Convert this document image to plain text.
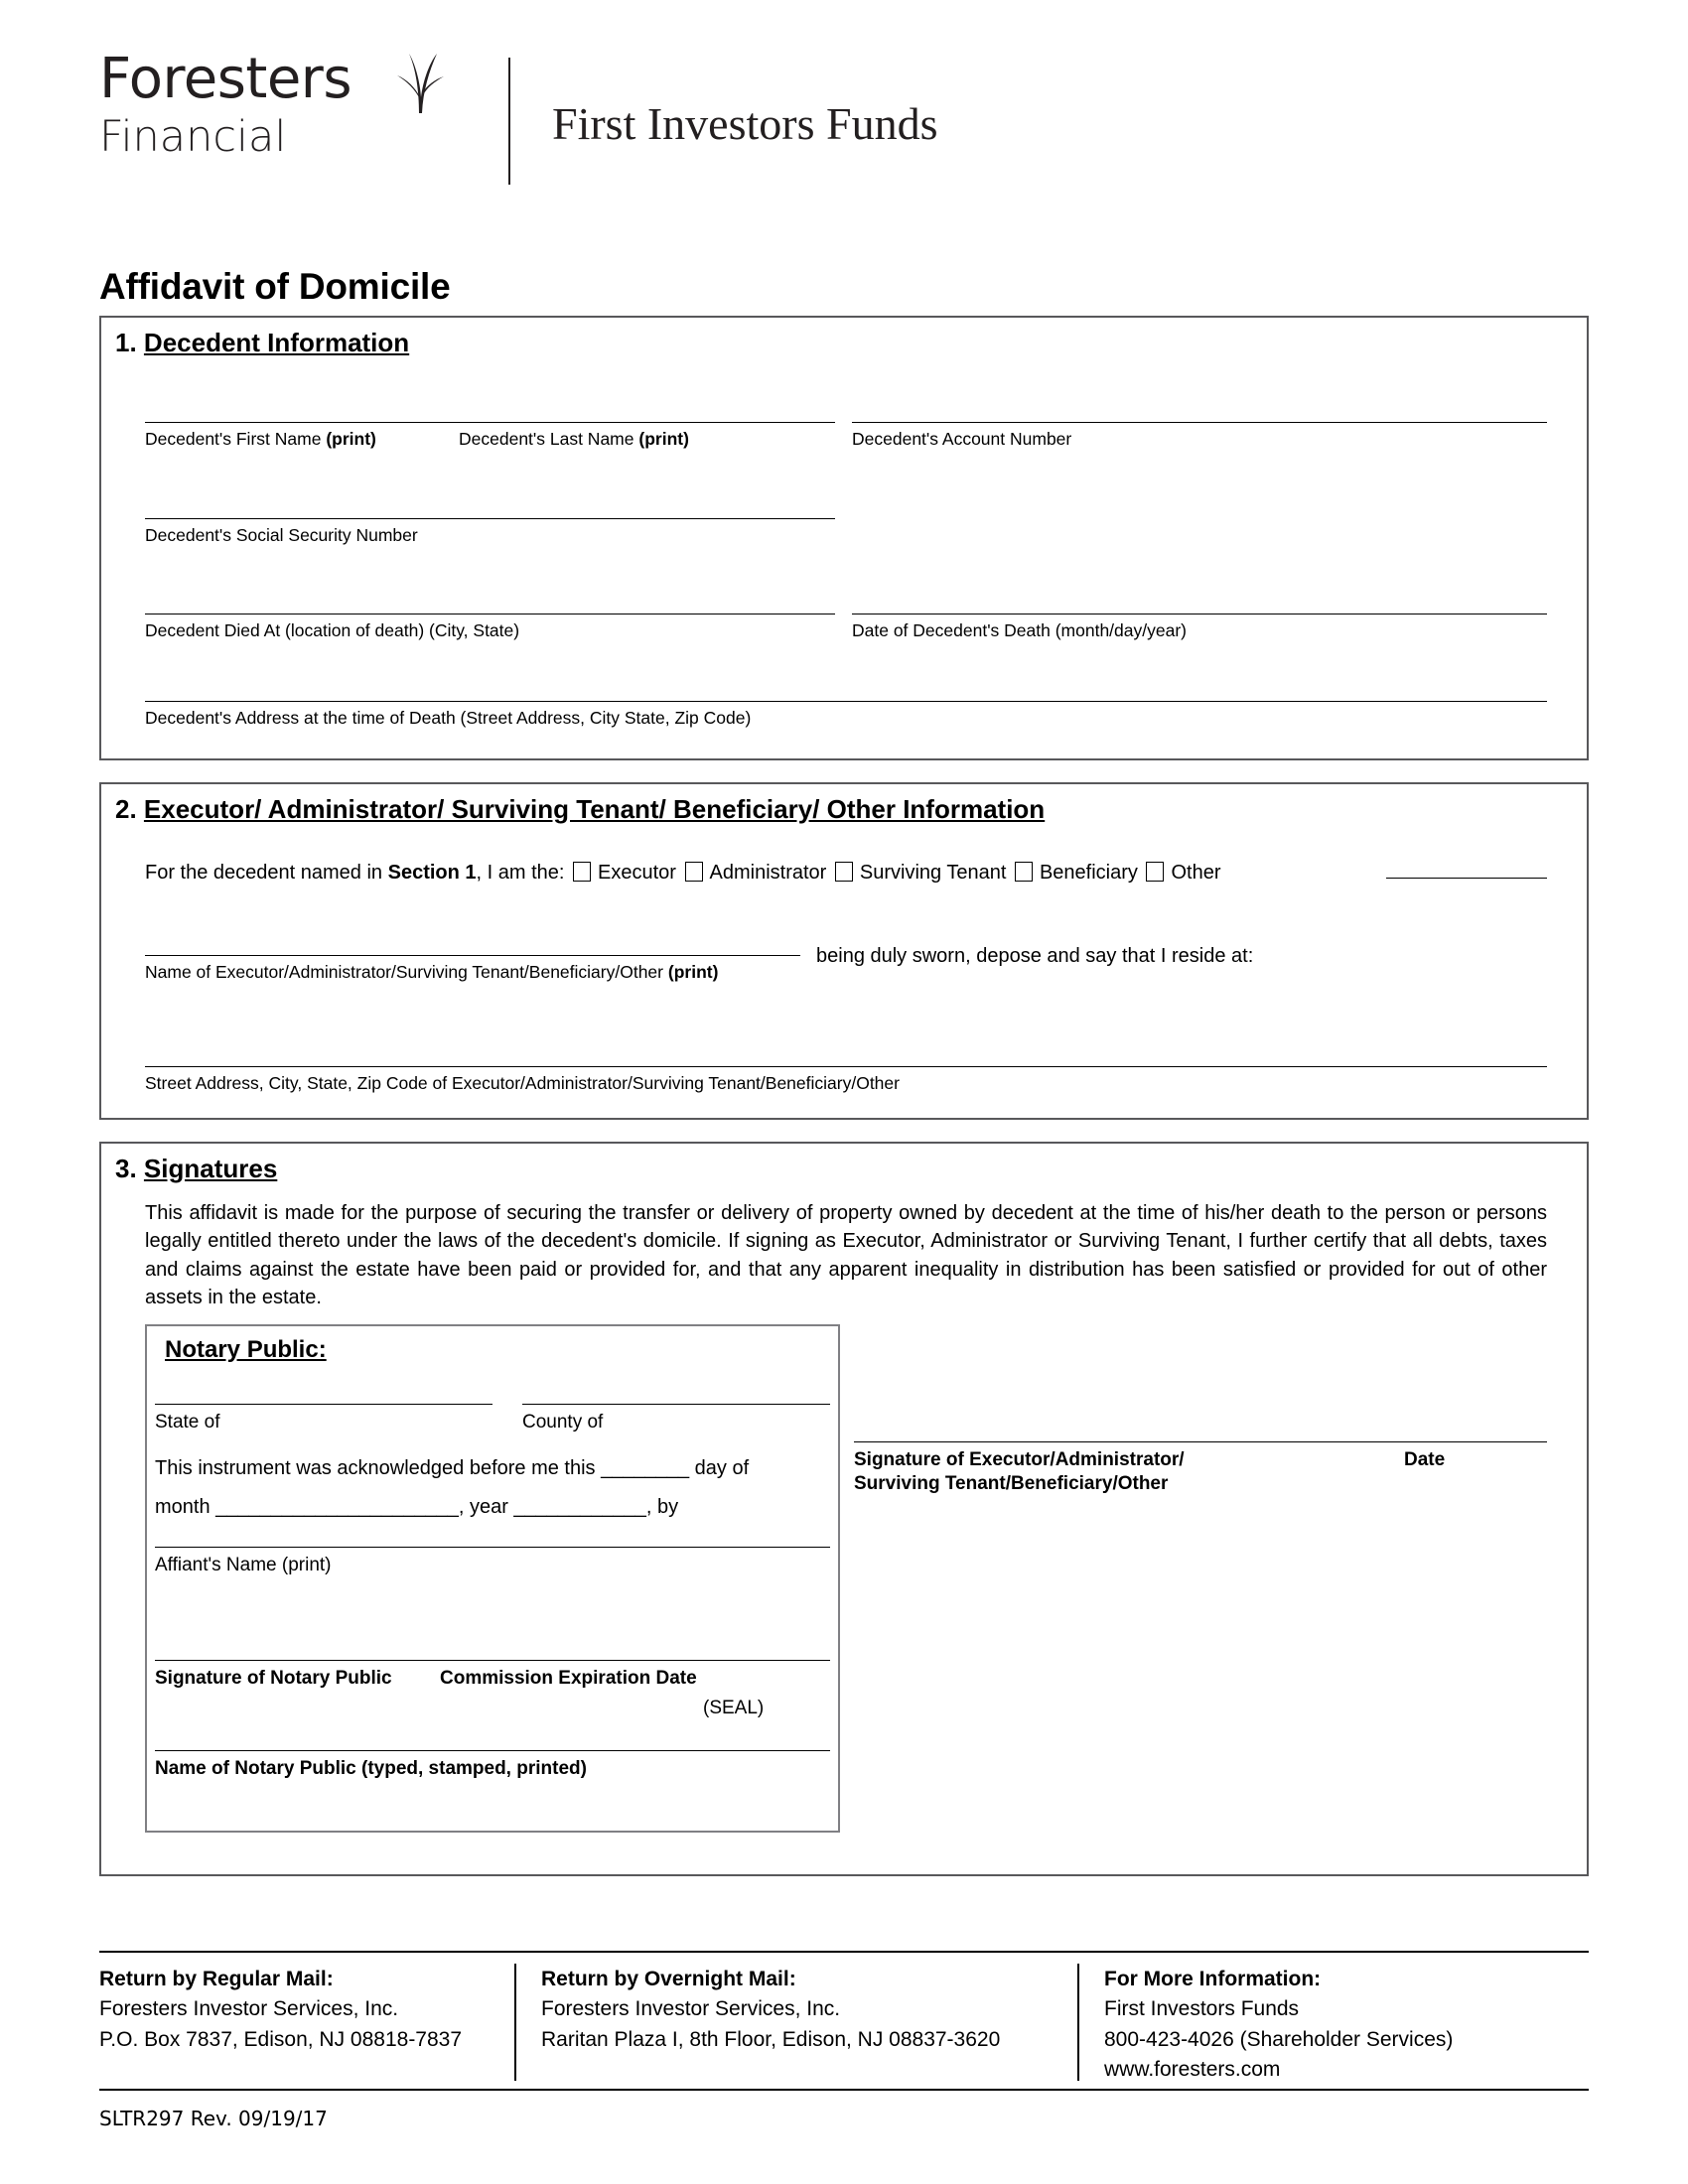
Foresters
Financial	First Investors Funds
Affidavit of Domicile
1. Decedent Information
Decedent's First Name (print)	Decedent's Last Name (print)	Decedent's Account Number
Decedent's Social Security Number
Decedent Died At (location of death) (City, State)	Date of Decedent's Death (month/day/year)
Decedent's Address at the time of Death (Street Address, City State, Zip Code)
2. Executor/ Administrator/ Surviving Tenant/ Beneficiary/ Other Information
For the decedent named in Section 1, I am the: Executor Administrator Surviving Tenant Beneficiary Other
Name of Executor/Administrator/Surviving Tenant/Beneficiary/Other (print)
being duly sworn, depose and say that I reside at:
Street Address, City, State, Zip Code of Executor/Administrator/Surviving Tenant/Beneficiary/Other
3. Signatures
This affidavit is made for the purpose of securing the transfer or delivery of property owned by decedent at the time of his/her death to the person or persons legally entitled thereto under the laws of the decedent's domicile. If signing as Executor, Administrator or Surviving Tenant, I further certify that all debts, taxes and claims against the estate have been paid or provided for, and that any apparent inequality in distribution has been satisfied or provided for out of other assets in the estate.
Notary Public:
State of	County of
This instrument was acknowledged before me this ________ day of
month ______________________, year ____________, by
Affiant's Name (print)
Signature of Notary Public	Commission Expiration Date
(SEAL)
Name of Notary Public (typed, stamped, printed)
Signature of Executor/Administrator/
Surviving Tenant/Beneficiary/Other
Date
Return by Regular Mail:
Foresters Investor Services, Inc.
P.O. Box 7837, Edison, NJ 08818-7837
Return by Overnight Mail:
Foresters Investor Services, Inc.
Raritan Plaza I, 8th Floor, Edison, NJ 08837-3620
For More Information:
First Investors Funds
800-423-4026 (Shareholder Services)
www.foresters.com
SLTR297 Rev. 09/19/17
